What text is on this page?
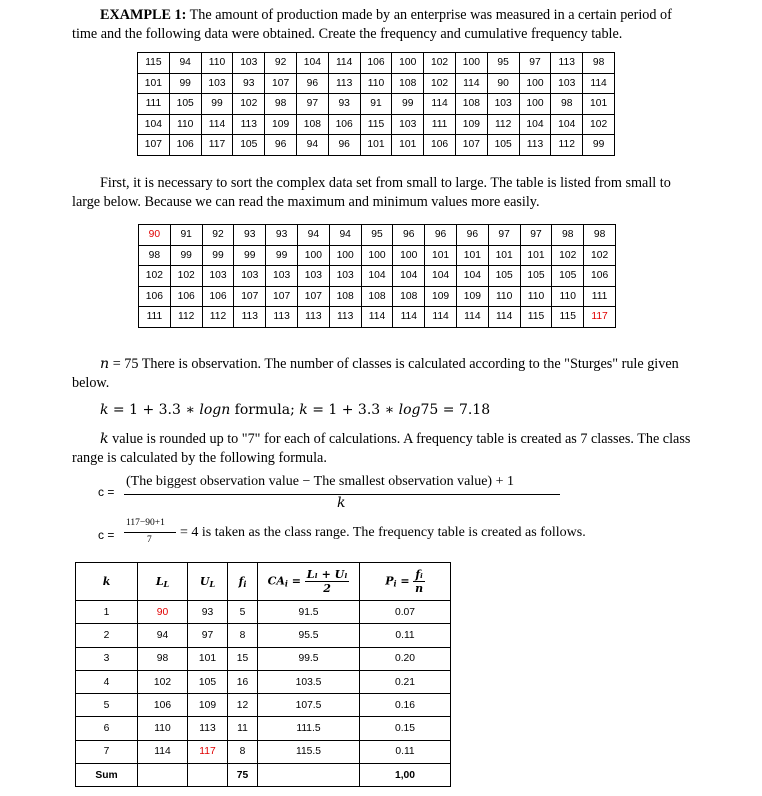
EXAMPLE 1: The amount of production made by an enterprise was measured in a certain period of time and the following data were obtained. Create the frequency and cumulative frequency table.
115	94	110	103	92	104	114	106	100	102	100	95	97	113	98
101	99	103	93	107	96	113	110	108	102	114	90	100	103	114
111	105	99	102	98	97	93	91	99	114	108	103	100	98	101
104	110	114	113	109	108	106	115	103	111	109	112	104	104	102
107	106	117	105	96	94	96	101	101	106	107	105	113	112	99
First, it is necessary to sort the complex data set from small to large. The table is listed from small to large below. Because we can read the maximum and minimum values more easily.
90	91	92	93	93	94	94	95	96	96	96	97	97	98	98
98	99	99	99	99	100	100	100	100	101	101	101	101	102	102
102	102	103	103	103	103	103	104	104	104	104	105	105	105	106
106	106	106	107	107	107	108	108	108	109	109	110	110	110	111
111	112	112	113	113	113	113	114	114	114	114	114	115	115	117
n = 75 There is observation. The number of classes is calculated according to the "Sturges" rule given below.
k = 1 + 3.3 ∗ logn formula; k = 1 + 3.3 ∗ log75 = 7.18
k value is rounded up to "7" for each of calculations. A frequency table is created as 7 classes. The class range is calculated by the following formula.
c =
(The biggest observation value − The smallest observation value) + 1
k
c =
117−90+1
7 = 4 is taken as the class range. The frequency table is created as follows.
k	$L_L$	$U_L$	$f_i$	$CA_i = \frac{\text{Lₗ + Uₗ}}{2}$	$P_i = \frac{\text{fᵢ}}{n}$

1	90	93	5	91.5	0.07
2	94	97	8	95.5	0.11
3	98	101	15	99.5	0.20
4	102	105	16	103.5	0.21
5	106	109	12	107.5	0.16
6	110	113	11	111.5	0.15
7	114	117	8	115.5	0.11
Sum			75		1,00
